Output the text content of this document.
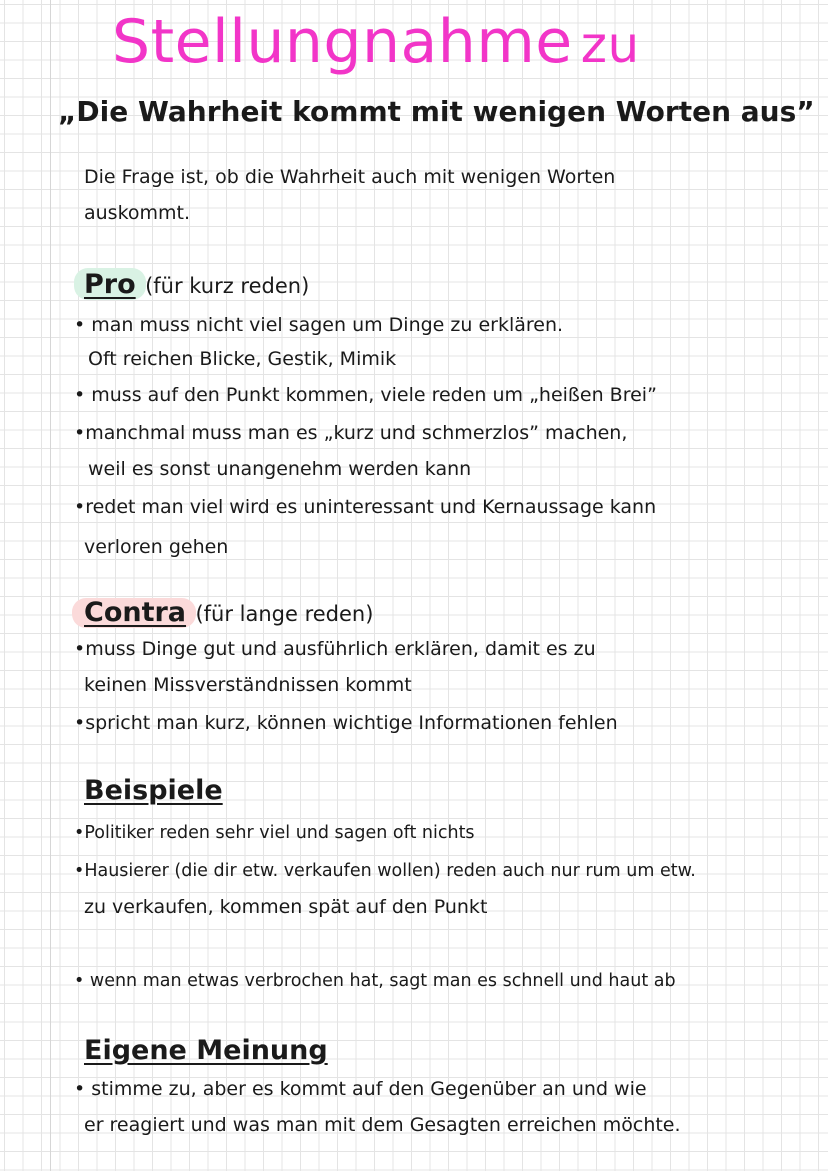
Stellungnahme zu
„Die Wahrheit kommt mit wenigen Worten aus”
Die Frage ist, ob die Wahrheit auch mit wenigen Worten
auskommt.
Pro (für kurz reden)
• man muss nicht viel sagen um Dinge zu erklären.
Oft reichen Blicke, Gestik, Mimik
• muss auf den Punkt kommen, viele reden um „heißen Brei”
•manchmal muss man es „kurz und schmerzlos” machen,
weil es sonst unangenehm werden kann
•redet man viel wird es uninteressant und Kernaussage kann
verloren gehen
Contra (für lange reden)
•muss Dinge gut und ausführlich erklären, damit es zu
keinen Missverständnissen kommt
•spricht man kurz, können wichtige Informationen fehlen
Beispiele
•Politiker reden sehr viel und sagen oft nichts
•Hausierer (die dir etw. verkaufen wollen) reden auch nur rum um etw.
zu verkaufen, kommen spät auf den Punkt
• wenn man etwas verbrochen hat, sagt man es schnell und haut ab
Eigene Meinung
• stimme zu, aber es kommt auf den Gegenüber an und wie
er reagiert und was man mit dem Gesagten erreichen möchte.
